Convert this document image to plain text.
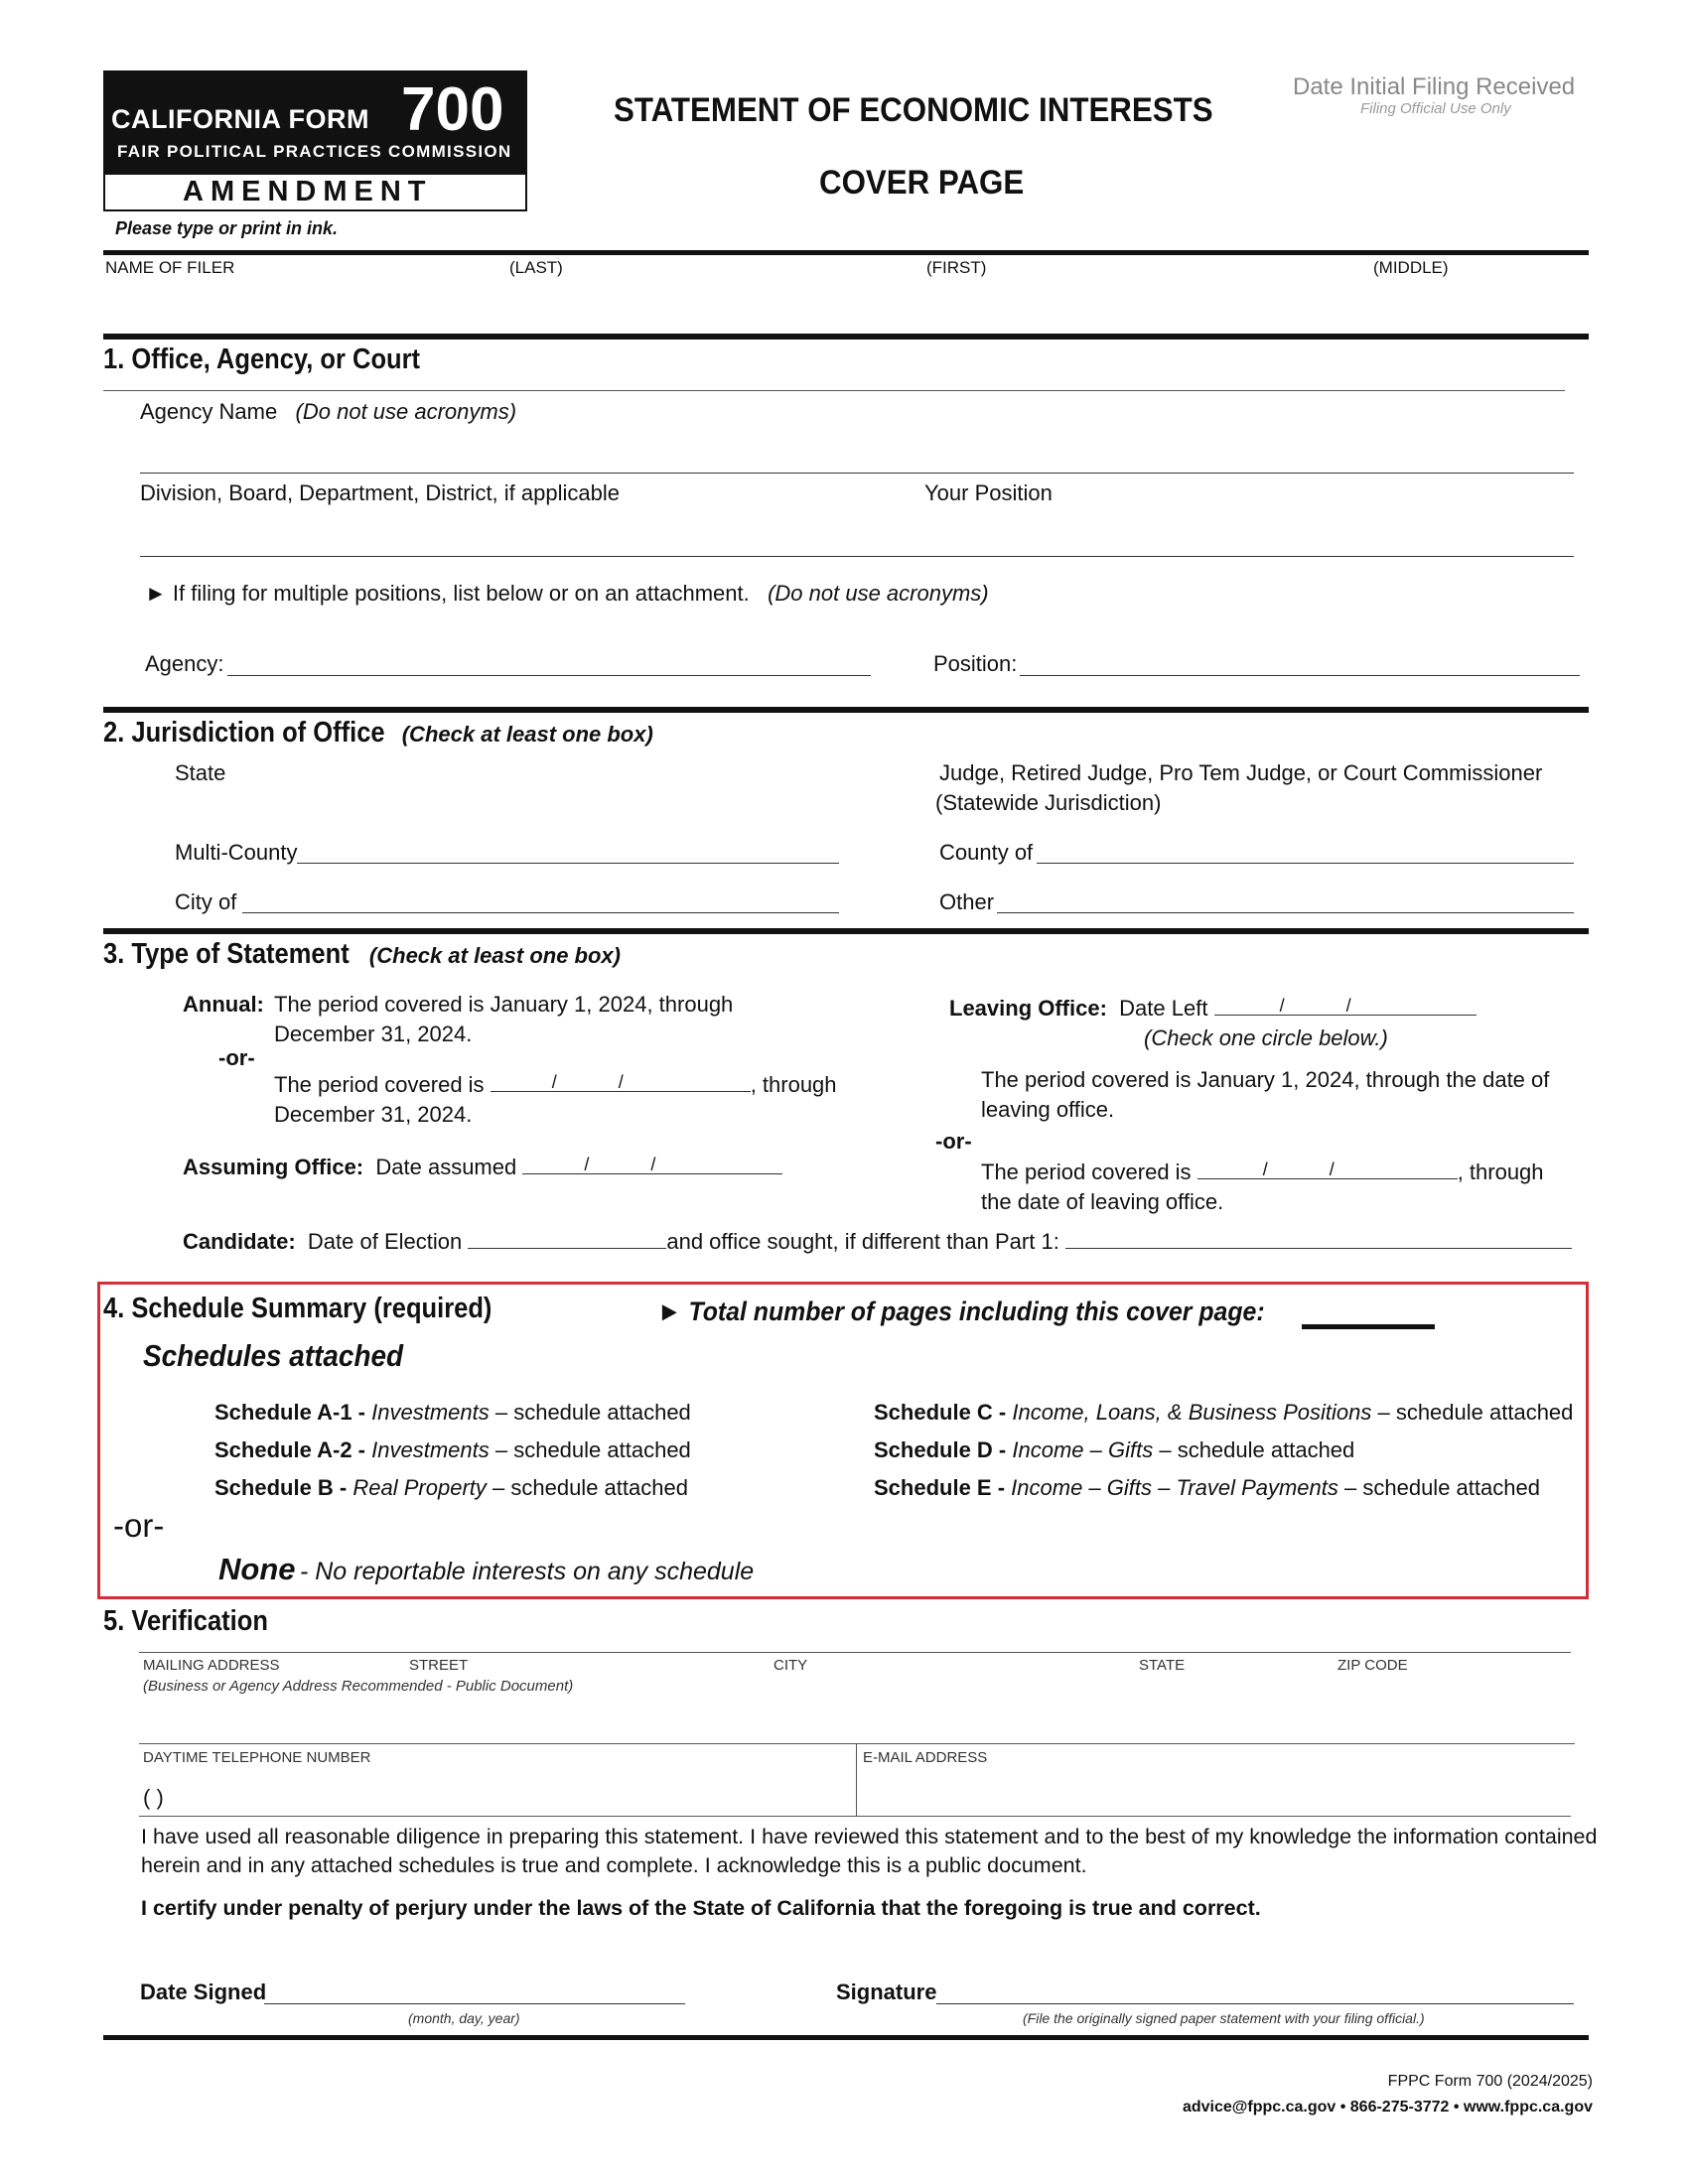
CALIFORNIA FORM 700
FAIR POLITICAL PRACTICES COMMISSION
AMENDMENT
Please type or print in ink.
STATEMENT OF ECONOMIC INTERESTS
COVER PAGE
Date Initial Filing Received
Filing Official Use Only
NAME OF FILER	(LAST)	(FIRST)	(MIDDLE)
1. Office, Agency, or Court
Agency Name (Do not use acronyms)
Division, Board, Department, District, if applicable	Your Position
► If filing for multiple positions, list below or on an attachment. (Do not use acronyms)
Agency:	Position:
2. Jurisdiction of Office (Check at least one box)
State	Judge, Retired Judge, Pro Tem Judge, or Court Commissioner
(Statewide Jurisdiction)
Multi-County	County of
City of	Other
3. Type of Statement (Check at least one box)
Annual: The period covered is January 1, 2024, through
December 31, 2024.
-or-
The period covered is	/	/	, through
December 31, 2024.
Assuming Office: Date assumed	/	/
Leaving Office: Date Left	/	/
(Check one circle below.)
The period covered is January 1, 2024, through the date of
leaving office.
-or-
The period covered is	/	/	, through
the date of leaving office.
Candidate: Date of Election	and office sought, if different than Part 1:
4. Schedule Summary (required)	► Total number of pages including this cover page:
Schedules attached
Schedule A-1 - Investments – schedule attached
Schedule A-2 - Investments – schedule attached
Schedule B - Real Property – schedule attached
Schedule C - Income, Loans, & Business Positions – schedule attached
Schedule D - Income – Gifts – schedule attached
Schedule E - Income – Gifts – Travel Payments – schedule attached
-or-
None - No reportable interests on any schedule
5. Verification
MAILING ADDRESS	STREET	CITY	STATE	ZIP CODE
(Business or Agency Address Recommended - Public Document)
DAYTIME TELEPHONE NUMBER
( )
E-MAIL ADDRESS
I have used all reasonable diligence in preparing this statement. I have reviewed this statement and to the best of my knowledge the information contained
herein and in any attached schedules is true and complete. I acknowledge this is a public document.
I certify under penalty of perjury under the laws of the State of California that the foregoing is true and correct.
Date Signed
(month, day, year)
Signature
(File the originally signed paper statement with your filing official.)
FPPC Form 700 (2024/2025)
advice@fppc.ca.gov • 866-275-3772 • www.fppc.ca.gov
